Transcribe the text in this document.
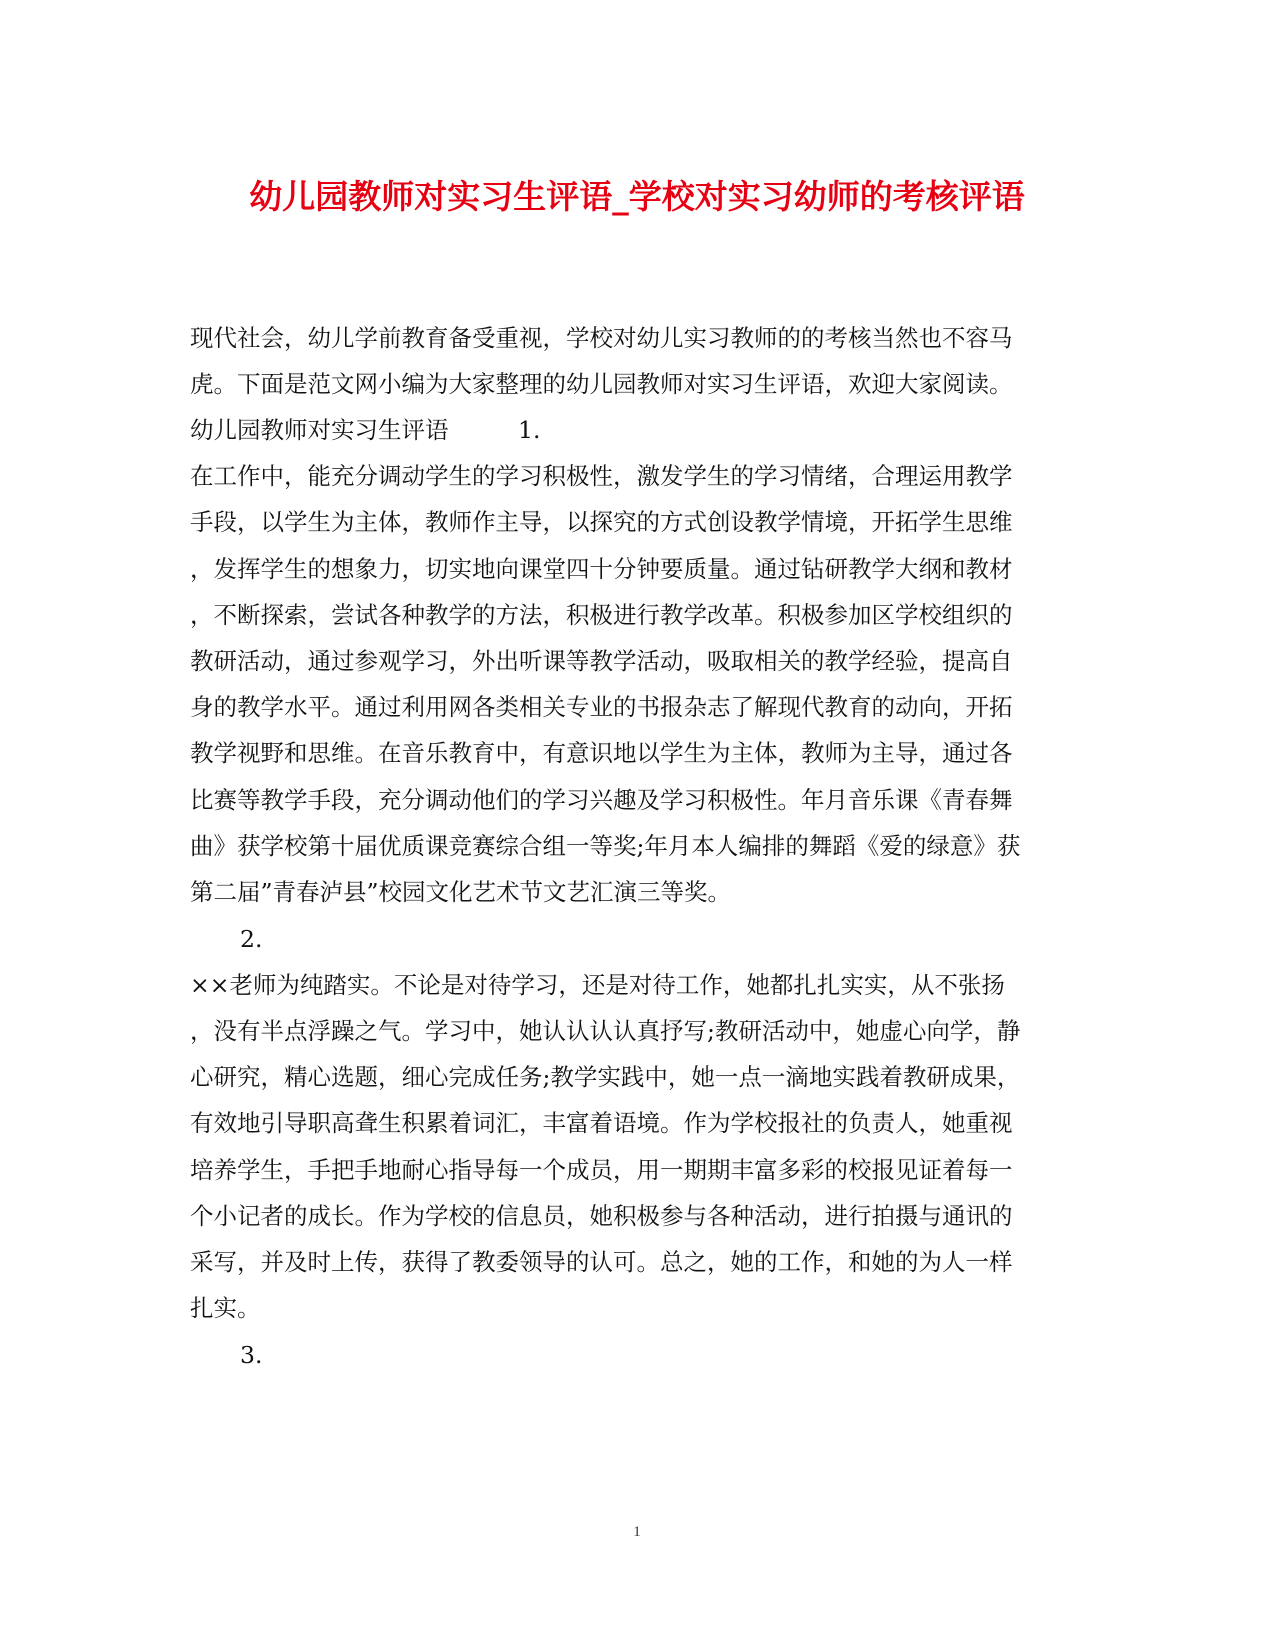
幼儿园教师对实习生评语_学校对实习幼师的考核评语
现代社会，幼儿学前教育备受重视，学校对幼儿实习教师的的考核当然也不容马
虎。下面是范文网小编为大家整理的幼儿园教师对实习生评语，欢迎大家阅读。
幼儿园教师对实习生评语	1.
在工作中，能充分调动学生的学习积极性，激发学生的学习情绪，合理运用教学
手段，以学生为主体，教师作主导，以探究的方式创设教学情境，开拓学生思维
，发挥学生的想象力，切实地向课堂四十分钟要质量。通过钻研教学大纲和教材
，不断探索，尝试各种教学的方法，积极进行教学改革。积极参加区学校组织的
教研活动，通过参观学习，外出听课等教学活动，吸取相关的教学经验，提高自
身的教学水平。通过利用网各类相关专业的书报杂志了解现代教育的动向，开拓
教学视野和思维。在音乐教育中，有意识地以学生为主体，教师为主导，通过各
比赛等教学手段，充分调动他们的学习兴趣及学习积极性。年月音乐课《青春舞
曲》获学校第十届优质课竞赛综合组一等奖;年月本人编排的舞蹈《爱的绿意》获
第二届”青春泸县”校园文化艺术节文艺汇演三等奖。
2.
××老师为纯踏实。不论是对待学习，还是对待工作，她都扎扎实实，从不张扬
，没有半点浮躁之气。学习中，她认认认认真抒写;教研活动中，她虚心向学，静
心研究，精心选题，细心完成任务;教学实践中，她一点一滴地实践着教研成果，
有效地引导职高聋生积累着词汇，丰富着语境。作为学校报社的负责人，她重视
培养学生，手把手地耐心指导每一个成员，用一期期丰富多彩的校报见证着每一
个小记者的成长。作为学校的信息员，她积极参与各种活动，进行拍摄与通讯的
采写，并及时上传，获得了教委领导的认可。总之，她的工作，和她的为人一样
扎实。
3.
1
